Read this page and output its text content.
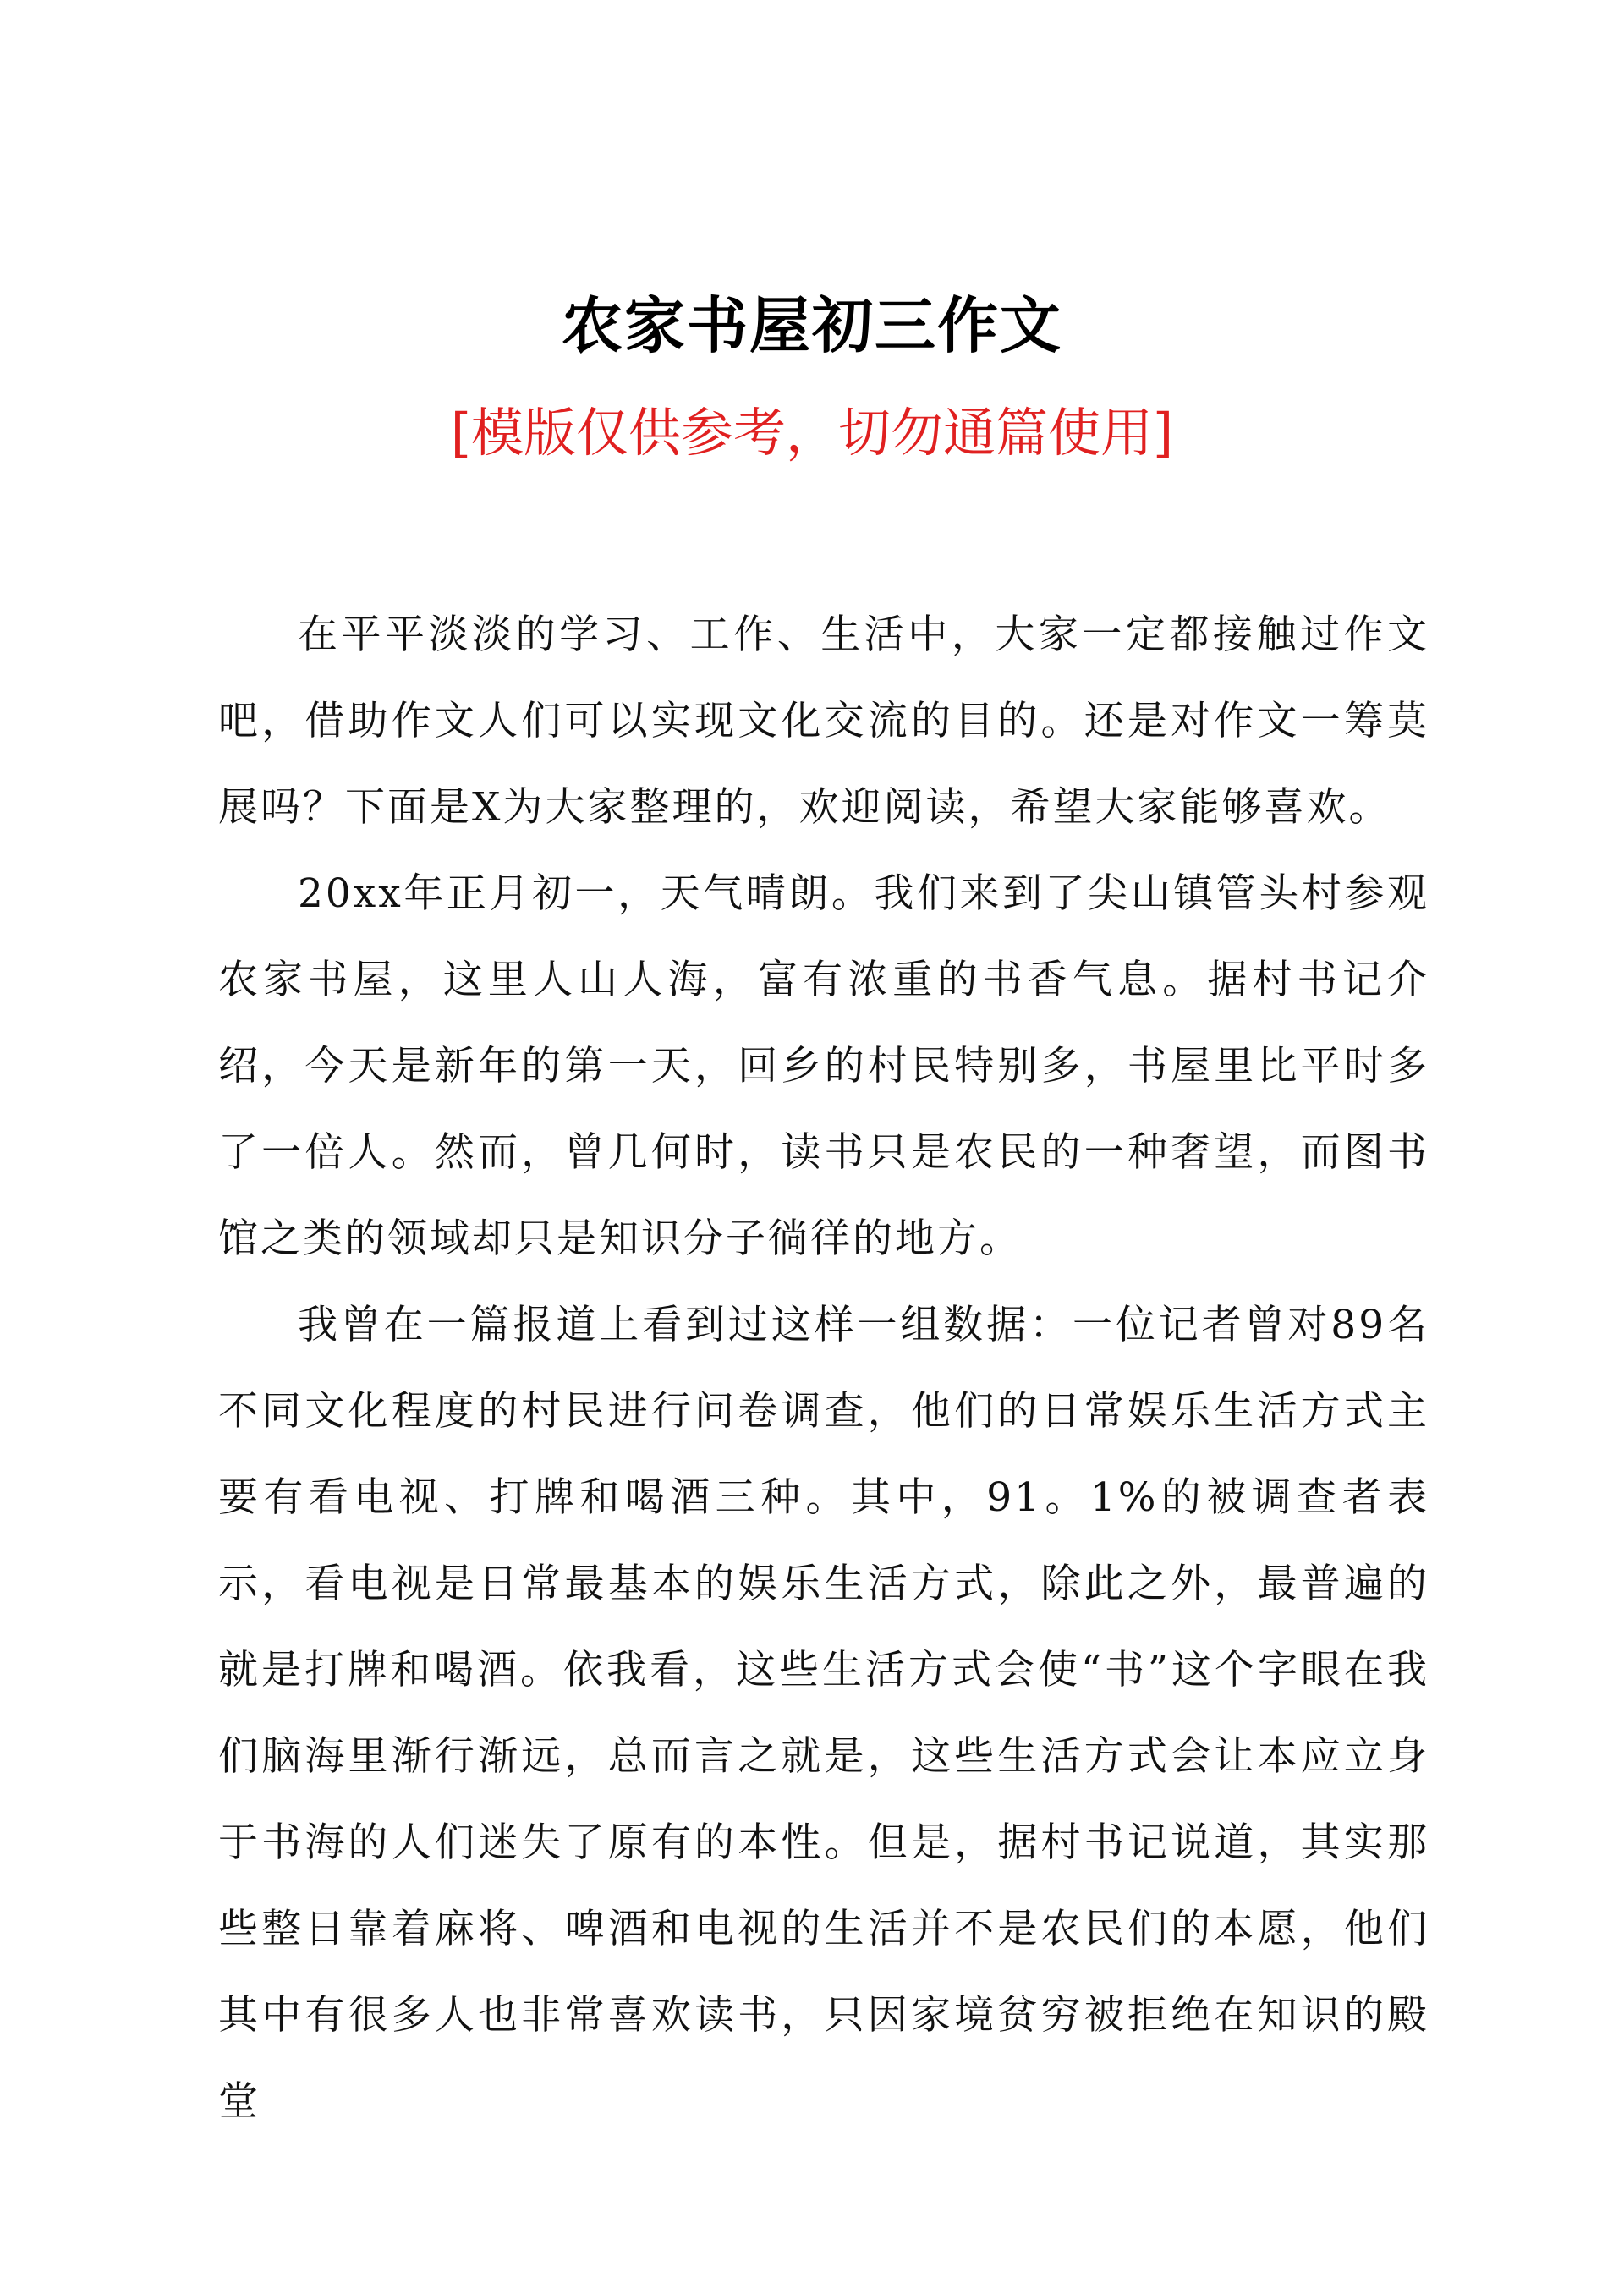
农家书屋初三作文
[模版仅供参考，切勿通篇使用]

在平平淡淡的学习、工作、生活中，大家一定都接触过作文吧，借助作文人们可以实现文化交流的目的。还是对作文一筹莫展吗？下面是X为大家整理的，欢迎阅读，希望大家能够喜欢。

20xx年正月初一，天气晴朗。我们来到了尖山镇管头村参观农家书屋，这里人山人海，富有浓重的书香气息。据村书记介绍，今天是新年的第一天，回乡的村民特别多，书屋里比平时多了一倍人。然而，曾几何时，读书只是农民的一种奢望，而图书馆之类的领域却只是知识分子徜徉的地方。

我曾在一篇报道上看到过这样一组数据：一位记者曾对89名不同文化程度的村民进行问卷调查，他们的日常娱乐生活方式主要有看电视、打牌和喝酒三种。其中，91。1%的被调查者表示，看电视是日常最基本的娱乐生活方式，除此之外，最普遍的就是打牌和喝酒。依我看，这些生活方式会使“书”这个字眼在我们脑海里渐行渐远，总而言之就是，这些生活方式会让本应立身于书海的人们迷失了原有的本性。但是，据村书记说道，其实那些整日靠着麻将、啤酒和电视的生活并不是农民们的本愿，他们其中有很多人也非常喜欢读书，只因家境贫穷被拒绝在知识的殿堂
